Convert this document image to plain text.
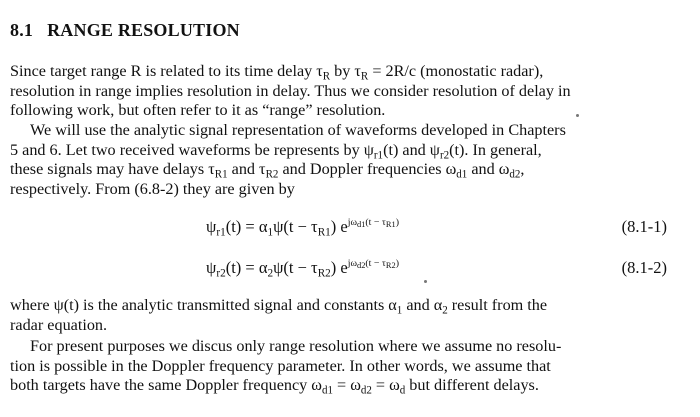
8.1 RANGE RESOLUTION
Since target range R is related to its time delay $\tau_R$ by $\tau_R = 2R/c$ (monostatic radar),
resolution in range implies resolution in delay. Thus we consider resolution of delay in
following work, but often refer to it as “range” resolution.
We will use the analytic signal representation of waveforms developed in Chapters
5 and 6. Let two received waveforms be represents by $\psi_{r1}(t)$ and $\psi_{r2}(t)$. In general,
these signals may have delays $\tau_{R1}$ and $\tau_{R2}$ and Doppler frequencies $\omega_{d1}$ and $\omega_{d2}$,
respectively. From (6.8-2) they are given by
$\psi_{r1}(t) = \alpha_1\psi(t - \tau_{R1})$ $e^{j\omega_{d1}(t - \tau_{R1})}$	(8.1-1)
$\psi_{r2}(t) = \alpha_2\psi(t - \tau_{R2})$ $e^{j\omega_{d2}(t - \tau_{R2})}$	(8.1-2)
where ψ(t) is the analytic transmitted signal and constants $\alpha_1$ and $\alpha_2$ result from the
radar equation.
For present purposes we discus only range resolution where we assume no resolu-
tion is possible in the Doppler frequency parameter. In other words, we assume that
both targets have the same Doppler frequency $\omega_{d1} = \omega_{d2} = \omega_d$ but different delays.
